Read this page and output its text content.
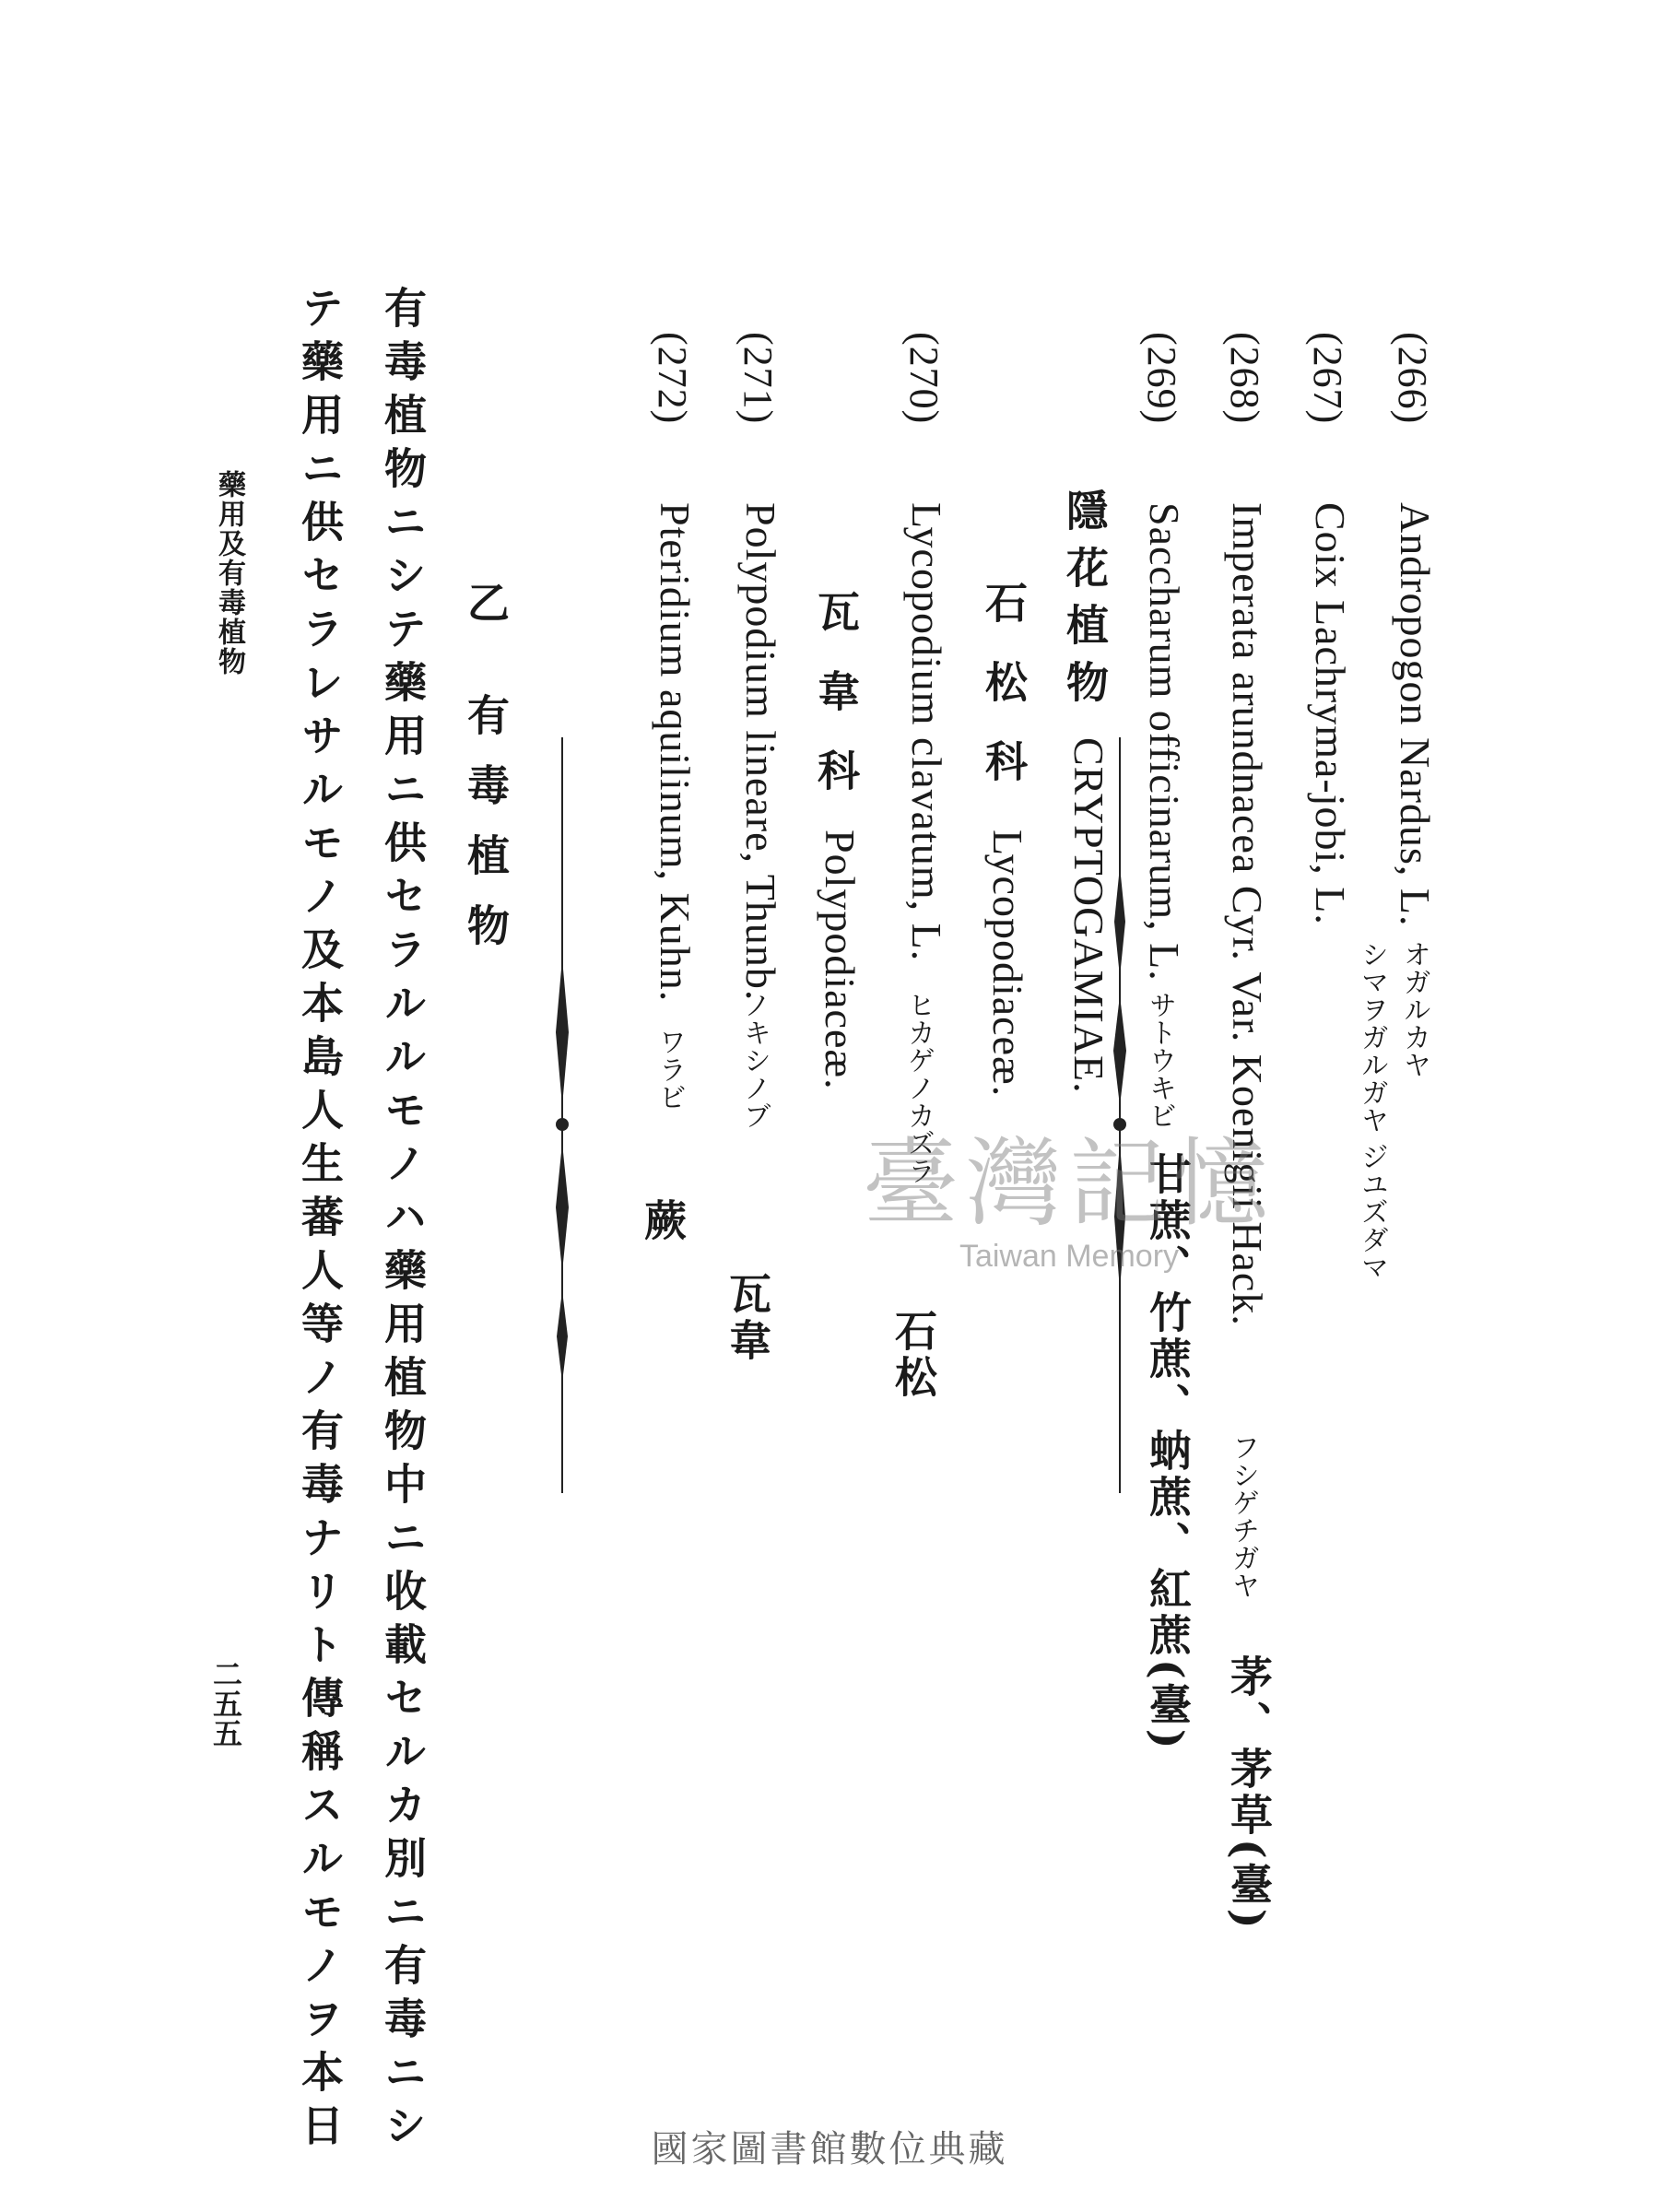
(266)
Andropogon Nardus, L.
オガルカヤ
(267)
Coix Lachryma-jobi, L.
シマヲガルガヤ ジユズダマ
(268)
Imperata arundnacea Cyr. Var. Koenigii Hack.
フシゲチガヤ
茅、茅草(臺)
(269)
Saccharum officinarum, L.
サトウキビ
甘蔗、竹蔗、蚋蔗、紅蔗(臺)
隱花植物
CRYPTOGAMIAE.
石松科
Lycopodiaceæ.
(270)
Lycopodium clavatum, L.
ヒカゲノカズラ
石松
瓦韋科
Polypodiaceæ.
(271)
Polypodium lineare, Thunb.
ノキシノブ
瓦韋
(272)
Pteridium aquilinum, Kuhn.
ワラビ
蕨
乙 有毒植物
有毒植物ニシテ藥用ニ供セラルルモノハ藥用植物中ニ收載セルカ別ニ有毒ニシ
テ藥用ニ供セラレサルモノ及本島人生蕃人等ノ有毒ナリト傳稱スルモノヲ本日
藥用及有毒植物
二五五
臺灣記憶
Taiwan Memory
國家圖書館數位典藏
